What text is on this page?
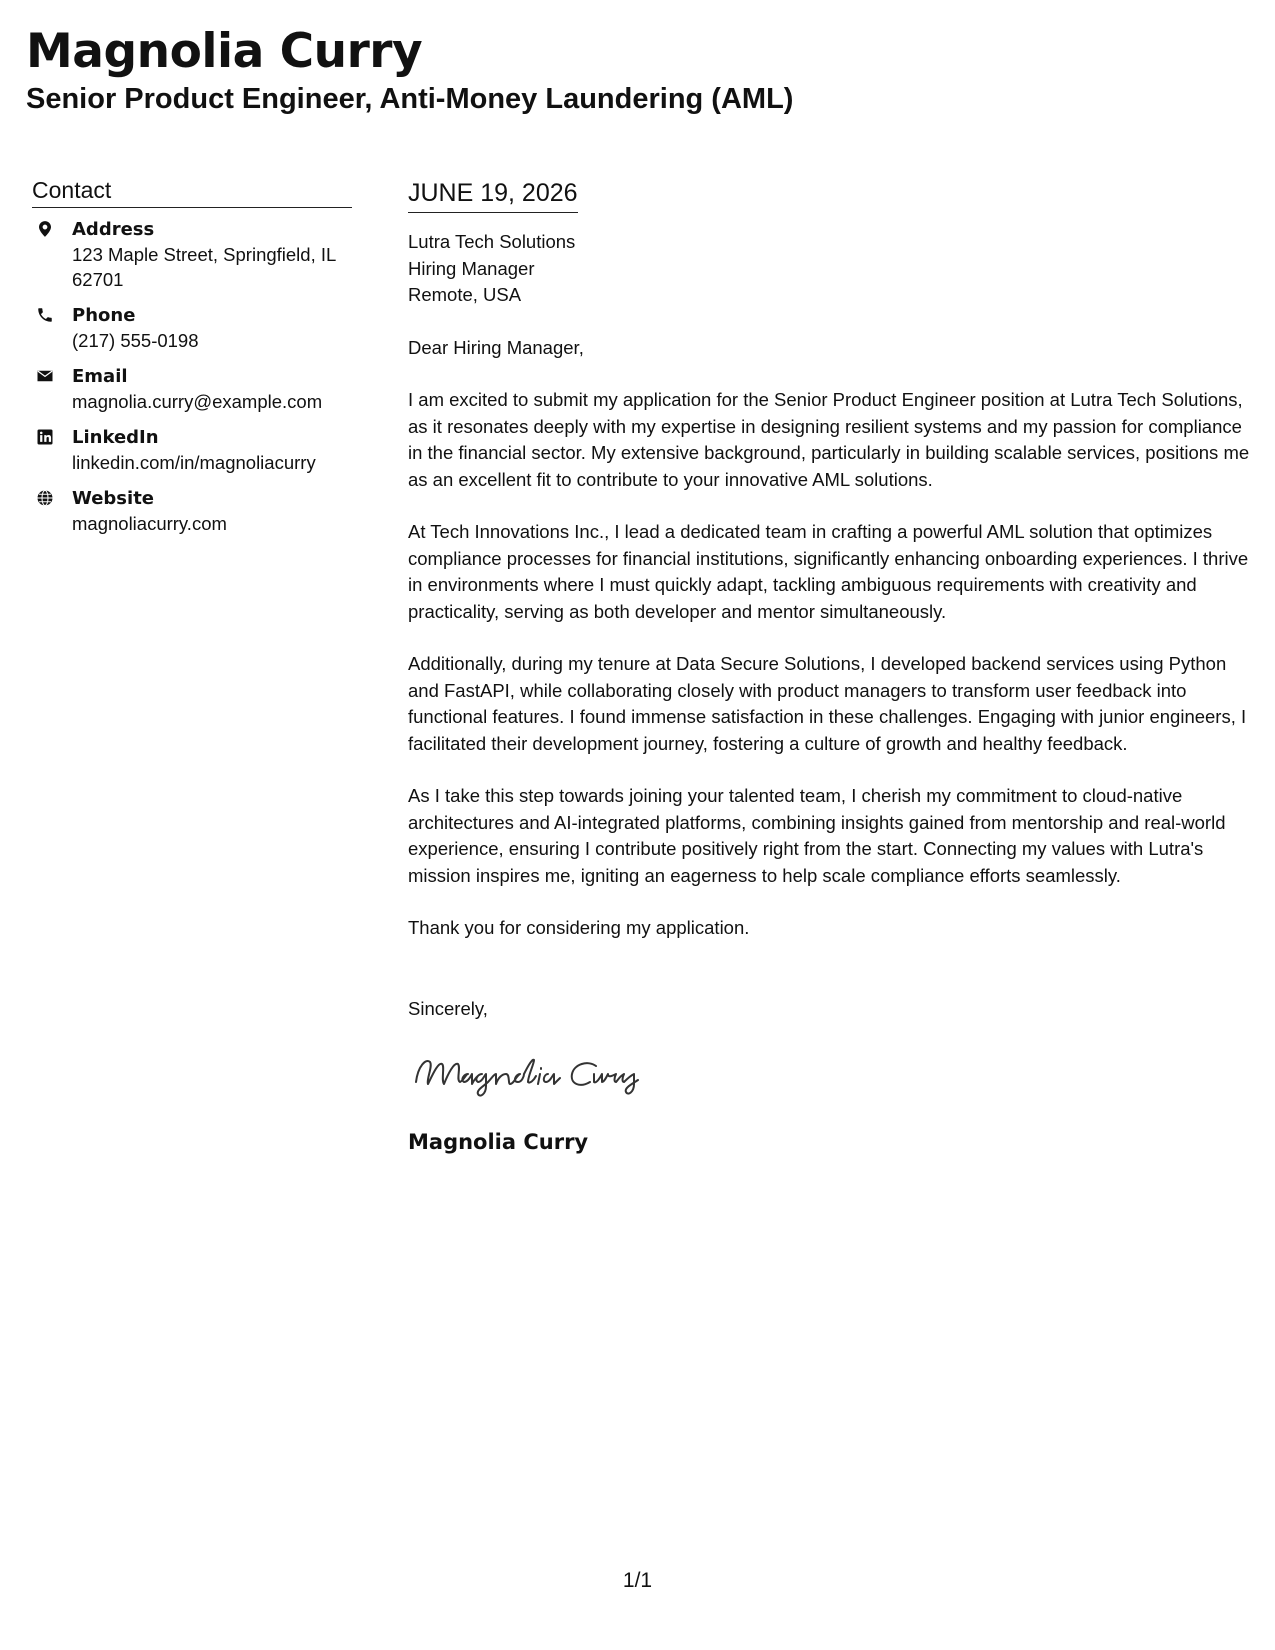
Magnolia Curry
Senior Product Engineer, Anti-Money Laundering (AML)
Contact
Address
123 Maple Street, Springfield, IL 62701
Phone
(217) 555-0198
Email
magnolia.curry@example.com
LinkedIn
linkedin.com/in/magnoliacurry
Website
magnoliacurry.com
JUNE 19, 2026
Lutra Tech Solutions
Hiring Manager
Remote, USA
Dear Hiring Manager,
I am excited to submit my application for the Senior Product Engineer position at Lutra Tech Solutions, as it resonates deeply with my expertise in designing resilient systems and my passion for compliance in the financial sector. My extensive background, particularly in building scalable services, positions me as an excellent fit to contribute to your innovative AML solutions.
At Tech Innovations Inc., I lead a dedicated team in crafting a powerful AML solution that optimizes compliance processes for financial institutions, significantly enhancing onboarding experiences. I thrive in environments where I must quickly adapt, tackling ambiguous requirements with creativity and practicality, serving as both developer and mentor simultaneously.
Additionally, during my tenure at Data Secure Solutions, I developed backend services using Python and FastAPI, while collaborating closely with product managers to transform user feedback into functional features. I found immense satisfaction in these challenges. Engaging with junior engineers, I facilitated their development journey, fostering a culture of growth and healthy feedback.
As I take this step towards joining your talented team, I cherish my commitment to cloud-native architectures and AI-integrated platforms, combining insights gained from mentorship and real-world experience, ensuring I contribute positively right from the start. Connecting my values with Lutra's mission inspires me, igniting an eagerness to help scale compliance efforts seamlessly.
Thank you for considering my application.
Sincerely,
Magnolia Curry
1/1
